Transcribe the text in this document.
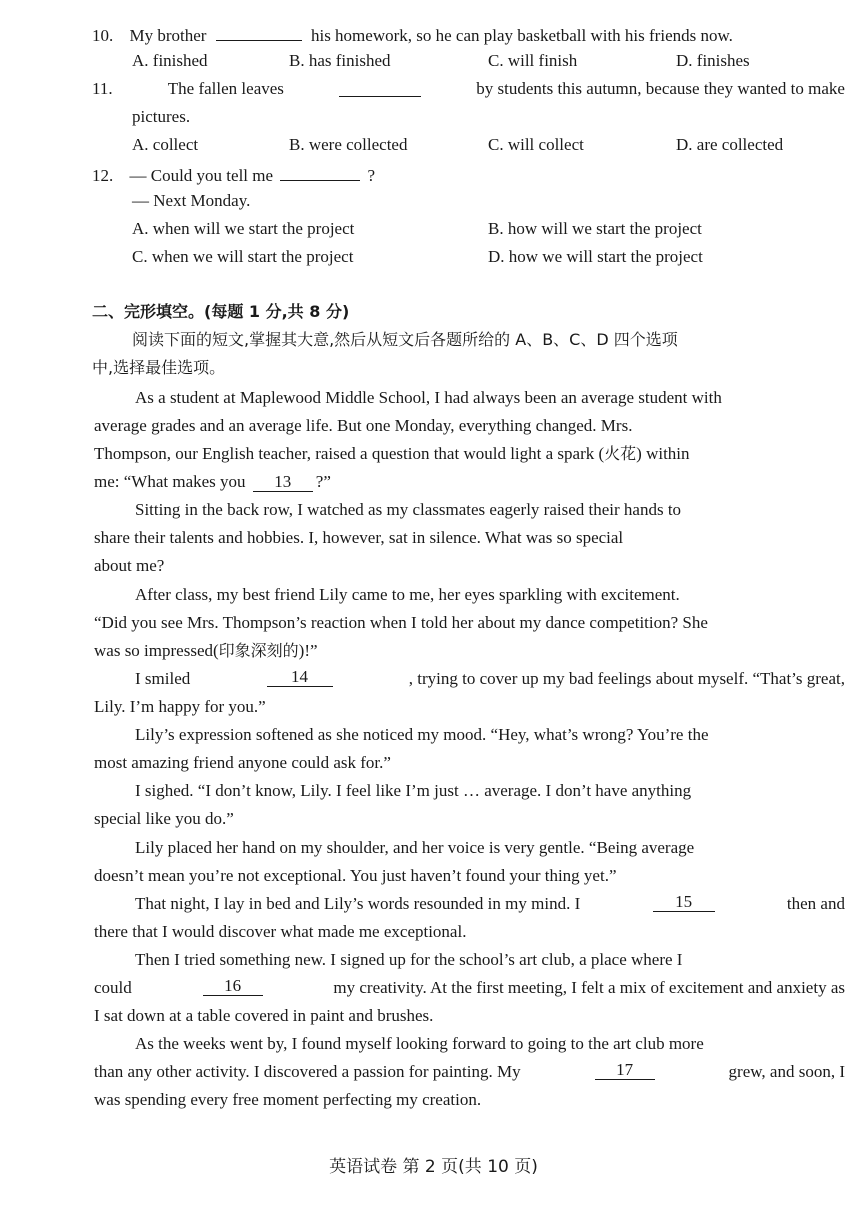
10. My brother	his homework, so he can play basketball with his friends now.
A. finished	B. has finished	C. will finish	D. finishes
11.	The fallen leaves	by students this autumn, because they wanted to make
pictures.
A. collect	B. were collected	C. will collect	D. are collected
12. — Could you tell me	?
— Next Monday.
A. when will we start the project	B. how will we start the project
C. when we will start the project	D. how we will start the project
二、完形填空。(每题 1 分,共 8 分)
阅读下面的短文,掌握其大意,然后从短文后各题所给的 A、B、C、D 四个选项
中,选择最佳选项。
As a student at Maplewood Middle School, I had always been an average student with
average grades and an average life. But one Monday, everything changed. Mrs.
Thompson, our English teacher, raised a question that would light a spark (火花) within
me: “What makes you 13 ?”
Sitting in the back row, I watched as my classmates eagerly raised their hands to
share their talents and hobbies. I, however, sat in silence. What was so special
about me?
After class, my best friend Lily came to me, her eyes sparkling with excitement.
“Did you see Mrs. Thompson’s reaction when I told her about my dance competition? She
was so impressed(印象深刻的)!”
I smiled	14	, trying to cover up my bad feelings about myself. “That’s great,
Lily. I’m happy for you.”
Lily’s expression softened as she noticed my mood. “Hey, what’s wrong? You’re the
most amazing friend anyone could ask for.”
I sighed. “I don’t know, Lily. I feel like I’m just … average. I don’t have anything
special like you do.”
Lily placed her hand on my shoulder, and her voice is very gentle. “Being average
doesn’t mean you’re not exceptional. You just haven’t found your thing yet.”
That night, I lay in bed and Lily’s words resounded in my mind. I	15	then and
there that I would discover what made me exceptional.
Then I tried something new. I signed up for the school’s art club, a place where I
could	16	my creativity. At the first meeting, I felt a mix of excitement and anxiety as
I sat down at a table covered in paint and brushes.
As the weeks went by, I found myself looking forward to going to the art club more
than any other activity. I discovered a passion for painting. My	17	grew, and soon, I
was spending every free moment perfecting my creation.
英语试卷 第 2 页(共 10 页)
